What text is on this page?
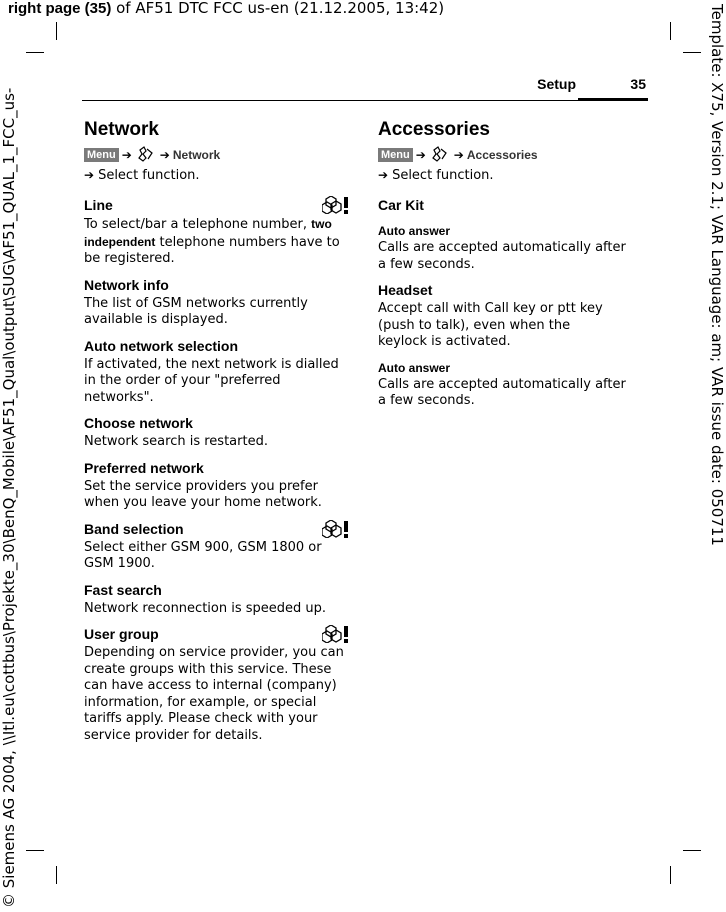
right page (35) of AF51 DTC FCC us-en (21.12.2005, 13:42)
© Siemens AG 2004, \\Itl.eu\cottbus\Projekte_30\BenQ_Mobile\AF51_Qual\output\SUG\AF51_QUAL_1_FCC_us-	Template: X75, Version 2.1; VAR Language: am; VAR issue date: 050711
Setup	35
Network
Menu ➔ ➔ Network
➔ Select function.

Line

To select/bar a telephone number, two independent telephone numbers have to be registered.

Network info

The list of GSM networks currently available is displayed.

Auto network selection

If activated, the next network is dialled in the order of your "preferred networks".

Choose network

Network search is restarted.

Preferred network

Set the service providers you prefer when you leave your home network.

Band selection

Select either GSM 900, GSM 1800 or GSM 1900.

Fast search

Network reconnection is speeded up.

User group

Depending on service provider, you can create groups with this service. These can have access to internal (company) information, for example, or special tariffs apply. Please check with your service provider for details.

Accessories
Menu ➔ ➔ Accessories
➔ Select function.

Car Kit

Auto answer

Calls are accepted automatically after a few seconds.

Headset

Accept call with Call key or ptt key (push to talk), even when the keylock is activated.

Auto answer

Calls are accepted automatically after a few seconds.
